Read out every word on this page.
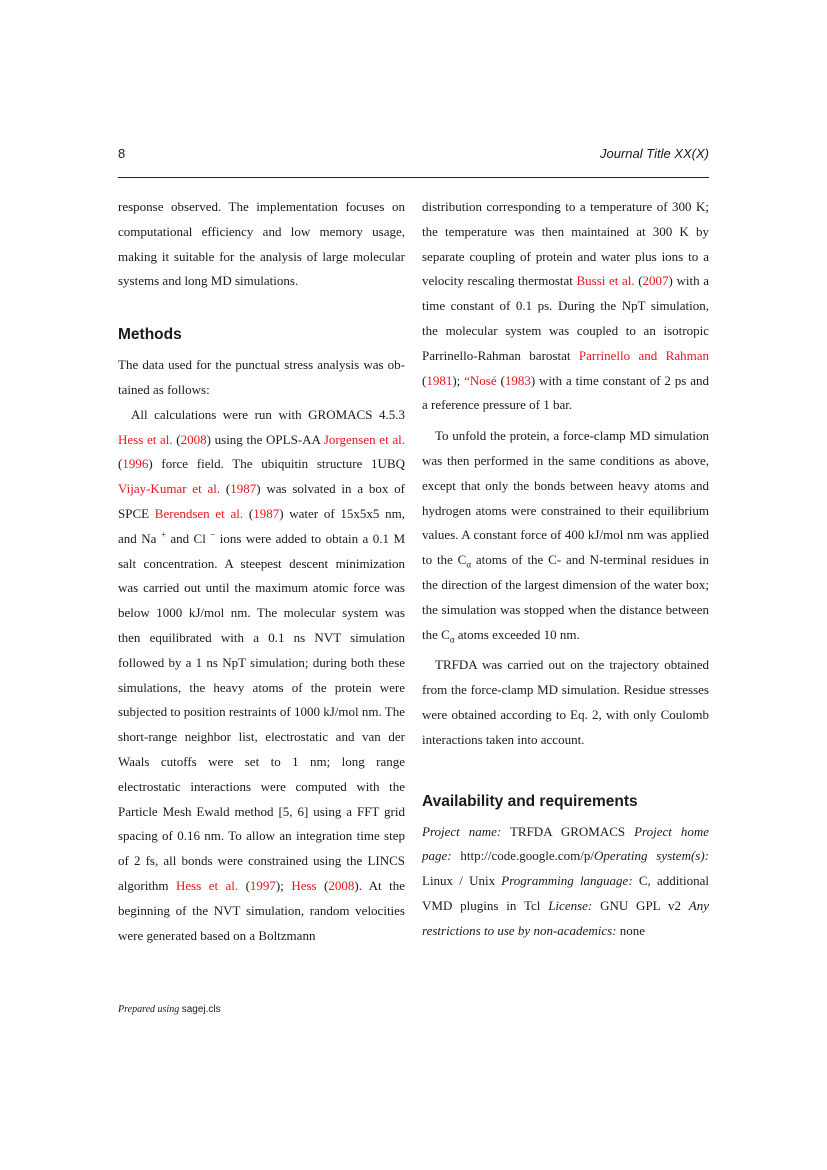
8	Journal Title XX(X)

response observed. The implementation focuses on computational efficiency and low memory usage, making it suitable for the analysis of large molecular systems and long MD simulations.

Methods

The data used for the punctual stress analysis was ob- tained as follows:

All calculations were run with GROMACS 4.5.3 Hess et al. (2008) using the OPLS-AA Jorgensen et al. (1996) force field. The ubiquitin structure 1UBQ Vijay-Kumar et al. (1987) was solvated in a box of SPCE Berendsen et al. (1987) water of 15x5x5 nm, and Na + and Cl − ions were added to obtain a 0.1 M salt concentration. A steepest descent minimization was carried out until the maximum atomic force was below 1000 kJ/mol nm. The molecular system was then equilibrated with a 0.1 ns NVT simulation followed by a 1 ns NpT simulation; during both these simulations, the heavy atoms of the protein were subjected to position restraints of 1000 kJ/mol nm. The short-range neighbor list, electrostatic and van der Waals cutoffs were set to 1 nm; long range electrostatic interactions were computed with the Particle Mesh Ewald method [5, 6] using a FFT grid spacing of 0.16 nm. To allow an integration time step of 2 fs, all bonds were constrained using the LINCS algorithm Hess et al. (1997); Hess (2008). At the beginning of the NVT simulation, random velocities were generated based on a Boltzmann

distribution corresponding to a temperature of 300 K; the temperature was then maintained at 300 K by separate coupling of protein and water plus ions to a velocity rescaling thermostat Bussi et al. (2007) with a time constant of 0.1 ps. During the NpT simulation, the molecular system was coupled to an isotropic Parrinello-Rahman barostat Parrinello and Rahman (1981); “Nosé (1983) with a time constant of 2 ps and a reference pressure of 1 bar.

To unfold the protein, a force-clamp MD simulation was then performed in the same conditions as above, except that only the bonds between heavy atoms and hydrogen atoms were constrained to their equilibrium values. A constant force of 400 kJ/mol nm was applied to the $C_\alpha$ atoms of the C- and N-terminal residues in the direction of the largest dimension of the water box; the simulation was stopped when the distance between the $C_\alpha$ atoms exceeded 10 nm.

TRFDA was carried out on the trajectory obtained from the force-clamp MD simulation. Residue stresses were obtained according to Eq. 2, with only Coulomb interactions taken into account.

Availability and requirements

Project name: TRFDA GROMACS Project home page: http://code.google.com/p/Operating system(s): Linux / Unix Programming language: C, additional VMD plugins in Tcl License: GNU GPL v2 Any restrictions to use by non-academics: none

Prepared using sagej.cls
